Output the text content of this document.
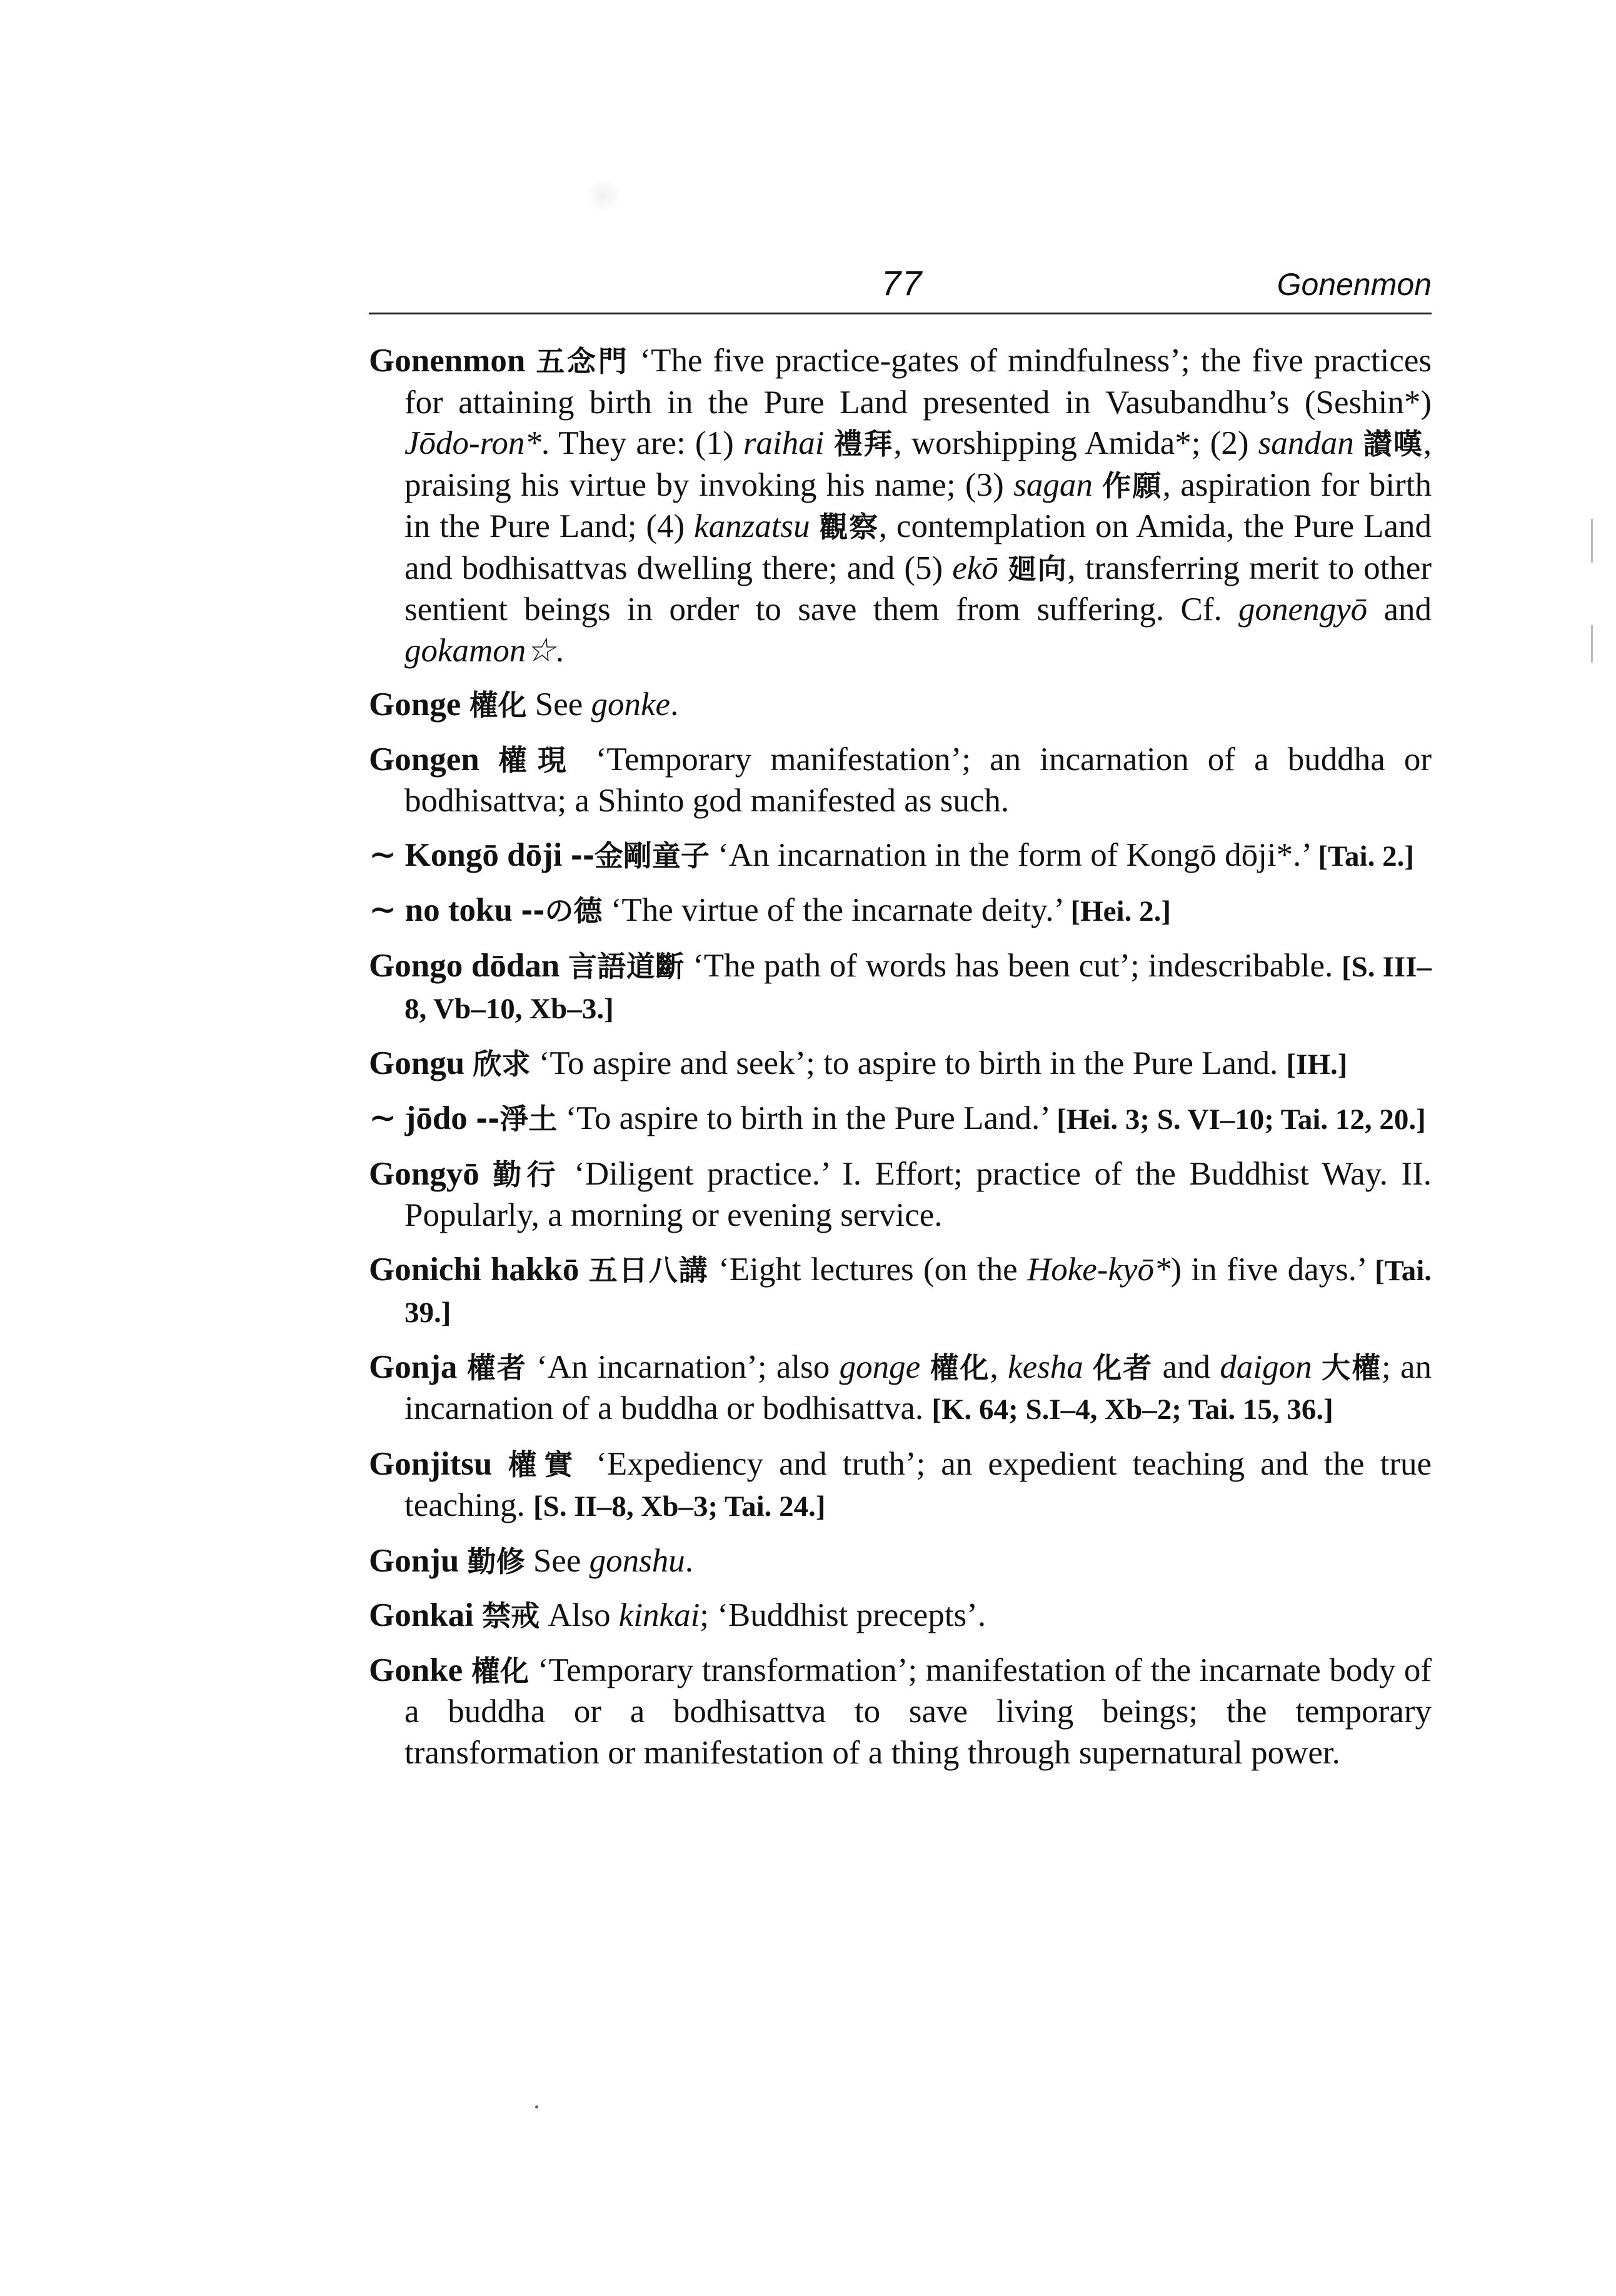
77	Gonenmon

Gonenmon 五念門 ‘The five practice-gates of mindfulness’; the five practices for attaining birth in the Pure Land presented in Vasubandhu’s (Seshin*) Jōdo-ron*. They are: (1) raihai 禮拜, worshipping Amida*; (2) sandan 讃嘆, praising his virtue by invoking his name; (3) sagan 作願, aspiration for birth in the Pure Land; (4) kanzatsu 觀察, contemplation on Amida, the Pure Land and bodhisattvas dwelling there; and (5) ekō 廻向, transferring merit to other sentient beings in order to save them from suffering. Cf. gonengyō and gokamon☆.

Gonge 權化 See gonke.

Gongen 權現 ‘Temporary manifestation’; an incarnation of a buddha or bodhisattva; a Shinto god manifested as such.

∼ Kongō dōji --金剛童子 ‘An incarnation in the form of Kongō dōji*.’ [Tai. 2.]

∼ no toku --の德 ‘The virtue of the incarnate deity.’ [Hei. 2.]

Gongo dōdan 言語道斷 ‘The path of words has been cut’; indescribable. [S. III–8, Vb–10, Xb–3.]

Gongu 欣求 ‘To aspire and seek’; to aspire to birth in the Pure Land. [IH.]

∼ jōdo --淨土 ‘To aspire to birth in the Pure Land.’ [Hei. 3; S. VI–10; Tai. 12, 20.]

Gongyō 勤行 ‘Diligent practice.’ I. Effort; practice of the Buddhist Way. II. Popularly, a morning or evening service.

Gonichi hakkō 五日八講 ‘Eight lectures (on the Hoke-kyō*) in five days.’ [Tai. 39.]

Gonja 權者 ‘An incarnation’; also gonge 權化, kesha 化者 and daigon 大權; an incarnation of a buddha or bodhisattva. [K. 64; S.I–4, Xb–2; Tai. 15, 36.]

Gonjitsu 權實 ‘Expediency and truth’; an expedient teaching and the true teaching. [S. II–8, Xb–3; Tai. 24.]

Gonju 勤修 See gonshu.

Gonkai 禁戒 Also kinkai; ‘Buddhist precepts’.

Gonke 權化 ‘Temporary transformation’; manifestation of the incarnate body of a buddha or a bodhisattva to save living beings; the temporary transformation or manifestation of a thing through supernatural power.
